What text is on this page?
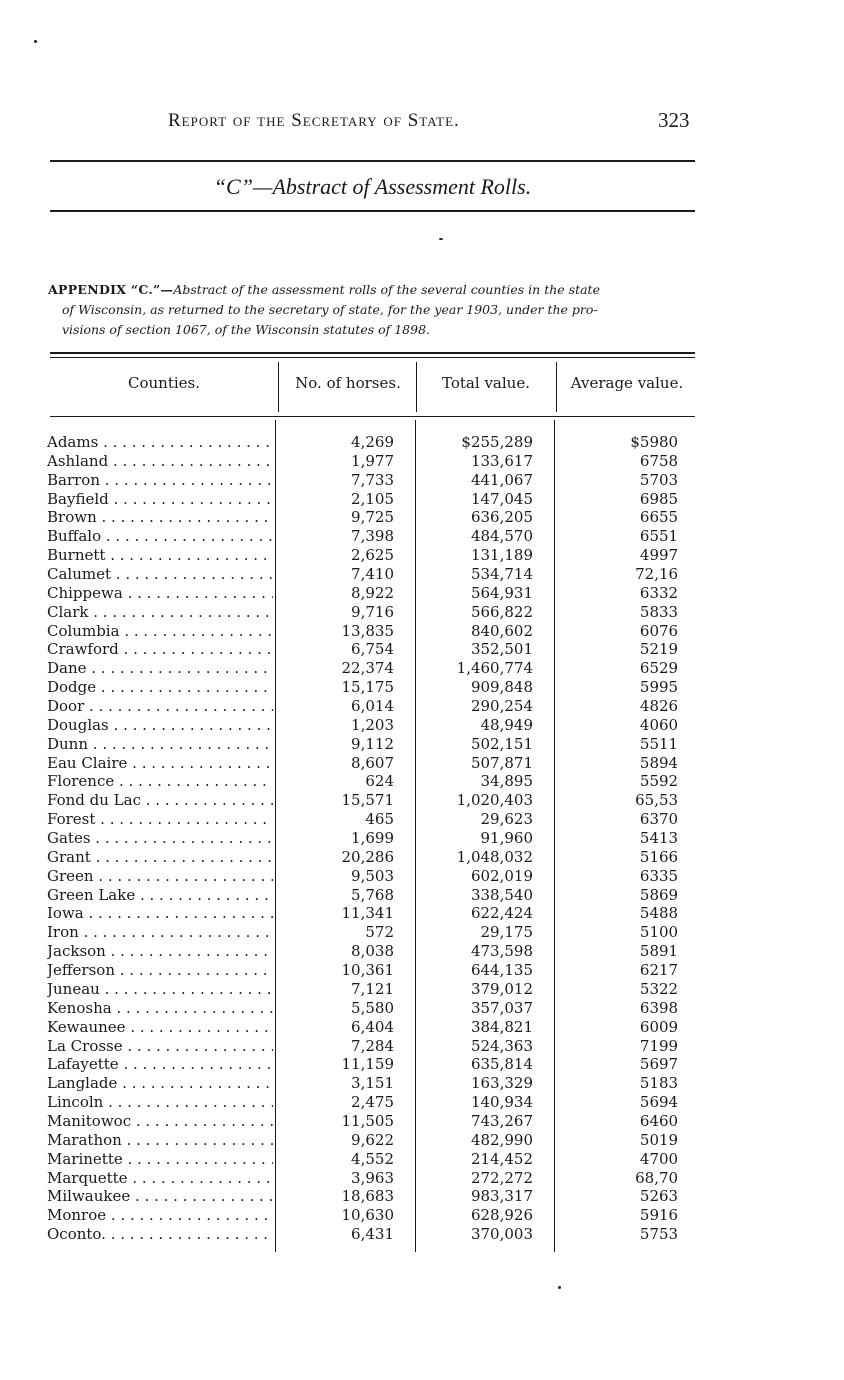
Report of the Secretary of State.	323
“C”—Abstract of Assessment Rolls.
APPENDIX “C.”—Abstract of the assessment rolls of the several counties in the state
of Wisconsin, as returned to the secretary of state, for the year 1903, under the pro-
visions of section 1067, of the Wisconsin statutes of 1898.
Counties.	No. of horses.	Total value.	Average value.
Adams . . .	4,269	$255,289	$59 80
Ashland . . .	1,977	133,617	67 58
Barron . . .	7,733	441,067	57 03
Bayfield . . .	2,105	147,045	69 85
Brown . . .	9,725	636,205	66 55
Buffalo . . .	7,398	484,570	65 51
Burnett . . .	2,625	131,189	49 97
Calumet . . .	7,410	534,714	72, 16
Chippewa . . .	8,922	564,931	63 32
Clark . . .	9,716	566,822	58 33
Columbia . . .	13,835	840,602	60 76
Crawford . . .	6,754	352,501	52 19
Dane . . .	22,374	1,460,774	65 29
Dodge . . .	15,175	909,848	59 95
Door . . .	6,014	290,254	48 26
Douglas . . .	1,203	48,949	40 60
Dunn . . .	9,112	502,151	55 11
Eau Claire . . .	8,607	507,871	58 94
Florence . . .	624	34,895	55 92
Fond du Lac . . .	15,571	1,020,403	65, 53
Forest . . .	465	29,623	63 70
Gates . . .	1,699	91,960	54 13
Grant . . .	20,286	1,048,032	51 66
Green . . .	9,503	602,019	63 35
Green Lake . . .	5,768	338,540	58 69
Iowa . . .	11,341	622,424	54 88
Iron . . .	572	29,175	51 00
Jackson . . .	8,038	473,598	58 91
Jefferson . . .	10,361	644,135	62 17
Juneau . . .	7,121	379,012	53 22
Kenosha . . .	5,580	357,037	63 98
Kewaunee . . .	6,404	384,821	60 09
La Crosse . . .	7,284	524,363	71 99
Lafayette . . .	11,159	635,814	56 97
Langlade . . .	3,151	163,329	51 83
Lincoln . . .	2,475	140,934	56 94
Manitowoc . . .	11,505	743,267	64 60
Marathon . . .	9,622	482,990	50 19
Marinette . . .	4,552	214,452	47 00
Marquette . . .	3,963	272,272	68, 70
Milwaukee . . .	18,683	983,317	52 63
Monroe . . .	10,630	628,926	59 16
Oconto. . . .	6,431	370,003	57 53
